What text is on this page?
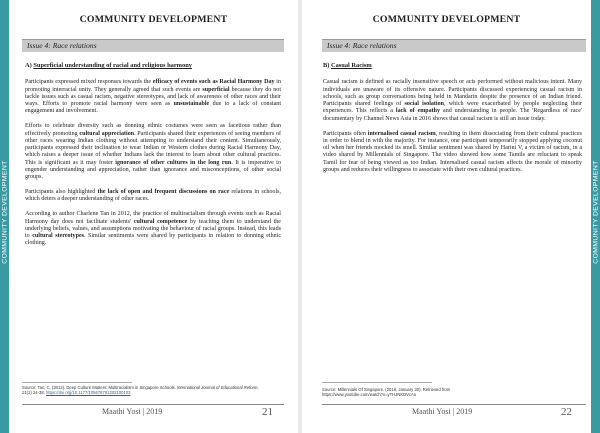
COMMUNITY DEVELOPMENT
COMMUNITY DEVELOPMENT
Issue 4: Race relations
A) Superficial understanding of racial and religious harmony

Participants expressed mixed responses towards the efficacy of events such as Racial Harmony Day in promoting interracial unity. They generally agreed that such events are superficial because they do not tackle issues such as casual racism, negative stereotypes, and lack of awareness of other races and their ways. Efforts to promote racial harmony were seen as unsustainable due to a lack of constant engagement and involvement.

Efforts to celebrate diversity such as donning ethnic costumes were seen as facetious rather than effectively promoting cultural appreciation. Participants shared their experiences of seeing members of other races wearing Indian clothing without attempting to understand their content. Simultaneously, participants expressed their inclination to wear Indian or Western clothes during Racial Harmony Day, which raises a deeper issue of whether Indians lack the interest to learn about other cultural practices. This is significant as it may foster ignorance of other cultures in the long run. It is imperative to engender understanding and appreciation, rather than ignorance and misconceptions, of other social groups.

Participants also highlighted the lack of open and frequent discussions on race relations in schools, which deters a deeper understanding of other races.

According to author Charlene Tan in 2012, the practice of multiracialism through events such as Racial Harmony day does not facilitate students' cultural competence by teaching them to understand the underlying beliefs, values, and assumptions motivating the behaviour of racial groups. Instead, this leads to cultural stereotypes. Similar sentiments were shared by participants in relation to donning ethnic clothing.

Source: Tan, C. (2012). Deep Culture Matters: Multiracialism in Singapore Schools. International Journal of Educational Reform, 21(1) 24-38. https://doi.org/10.1177/105678791202100103
Maathi Yosi | 2019	21
COMMUNITY DEVELOPMENT
COMMUNITY DEVELOPMENT
Issue 4: Race relations
B) Casual Racism

Casual racism is defined as racially insensitive speech or acts performed without malicious intent. Many individuals are unaware of its offensive nature. Participants discussed experiencing casual racism in schools, such as group conversations being held in Mandarin despite the presence of an Indian friend. Participants shared feelings of social isolation, which were exacerbated by people neglecting their experiences. This reflects a lack of empathy and understanding in people. The 'Regardless of race' documentary by Channel News Asia in 2016 shows that casual racism is still an issue today.

Participants often internalised casual racism, resulting in them dissociating from their cultural practices in order to blend in with the majority. For instance, one participant temporarily stopped applying coconut oil when her friends mocked its smell. Similar sentiment was shared by Harini V, a victim of racism, in a video shared by Millennials of Singapore. The video showed how some Tamils are reluctant to speak Tamil for fear of being viewed as too Indian. Internalised casual racism affects the morale of minority groups and reduces their willingness to associate with their own cultural practices.

Source: Millennials Of Singapore. (2018, January 30). Retrieved from
https://www.youtube.com/watch?v=yTHJNKDVcAo
Maathi Yosi | 2019	22
